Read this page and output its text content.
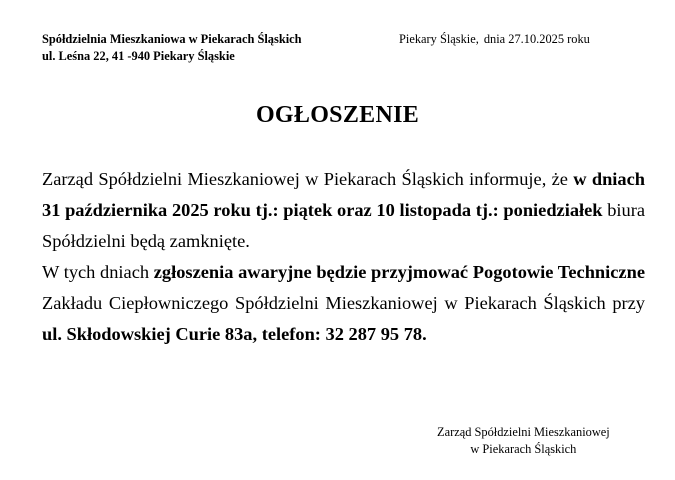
Spółdzielnia Mieszkaniowa w Piekarach Śląskich
ul. Leśna 22, 41 -940 Piekary Śląskie
Piekary Śląskie, dnia 27.10.2025 roku
OGŁOSZENIE

Zarząd Spółdzielni Mieszkaniowej w Piekarach Śląskich informuje, że w dniach 31 października 2025 roku tj.: piątek oraz 10 listopada tj.: poniedziałek biura Spółdzielni będą zamknięte.

W tych dniach zgłoszenia awaryjne będzie przyjmować Pogotowie Techniczne Zakładu Ciepłowniczego Spółdzielni Mieszkaniowej w Piekarach Śląskich przy ul. Skłodowskiej Curie 83a, telefon: 32 287 95 78.

Zarząd Spółdzielni Mieszkaniowej
w Piekarach Śląskich
